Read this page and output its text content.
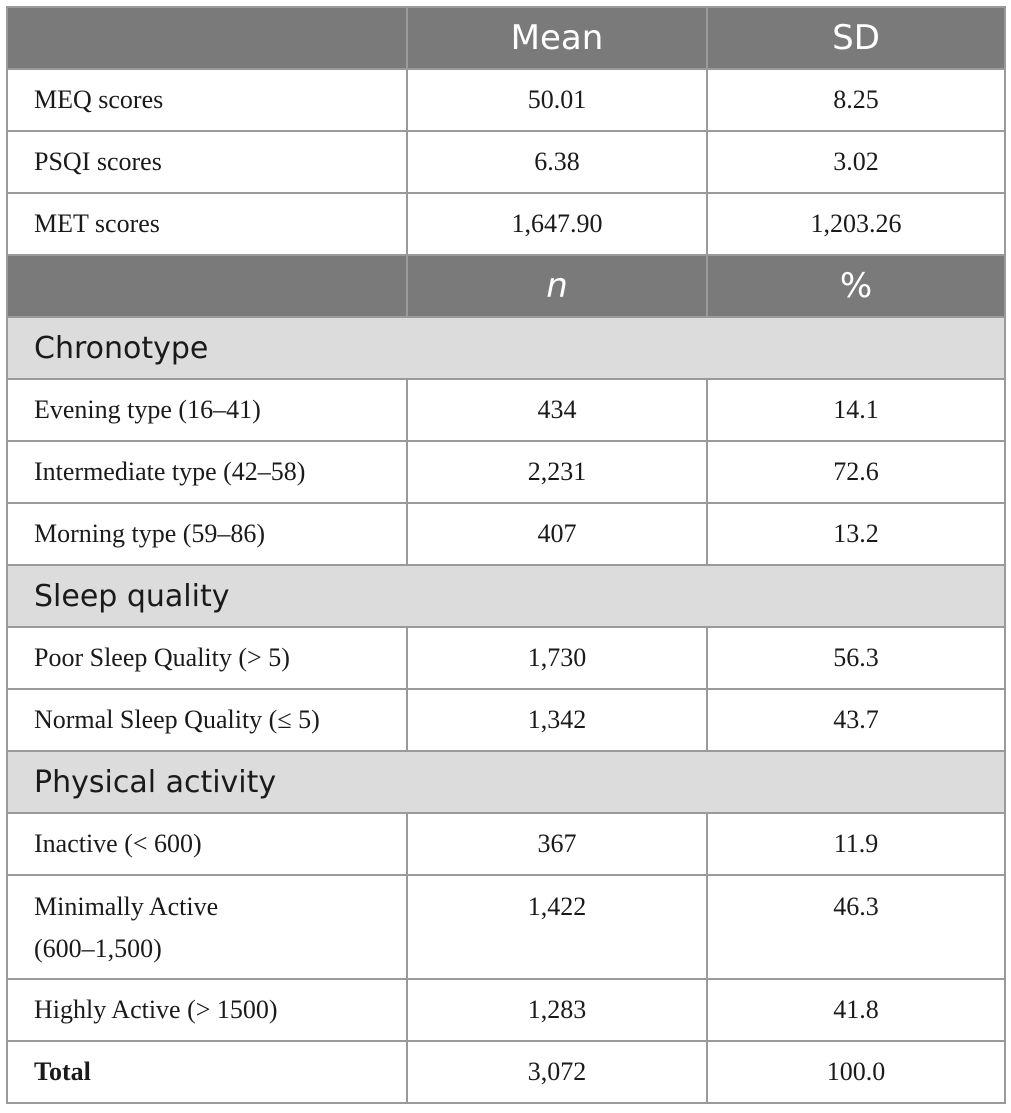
	Mean	SD
MEQ scores	50.01	8.25
PSQI scores	6.38	3.02
MET scores	1,647.90	1,203.26
	n	%
Chronotype		
Evening type (16–41)	434	14.1
Intermediate type (42–58)	2,231	72.6
Morning type (59–86)	407	13.2
Sleep quality		
Poor Sleep Quality (> 5)	1,730	56.3
Normal Sleep Quality (≤ 5)	1,342	43.7
Physical activity		
Inactive (< 600)	367	11.9
Minimally Active
(600–1,500)	1,422	46.3
Highly Active (> 1500)	1,283	41.8
Total	3,072	100.0
